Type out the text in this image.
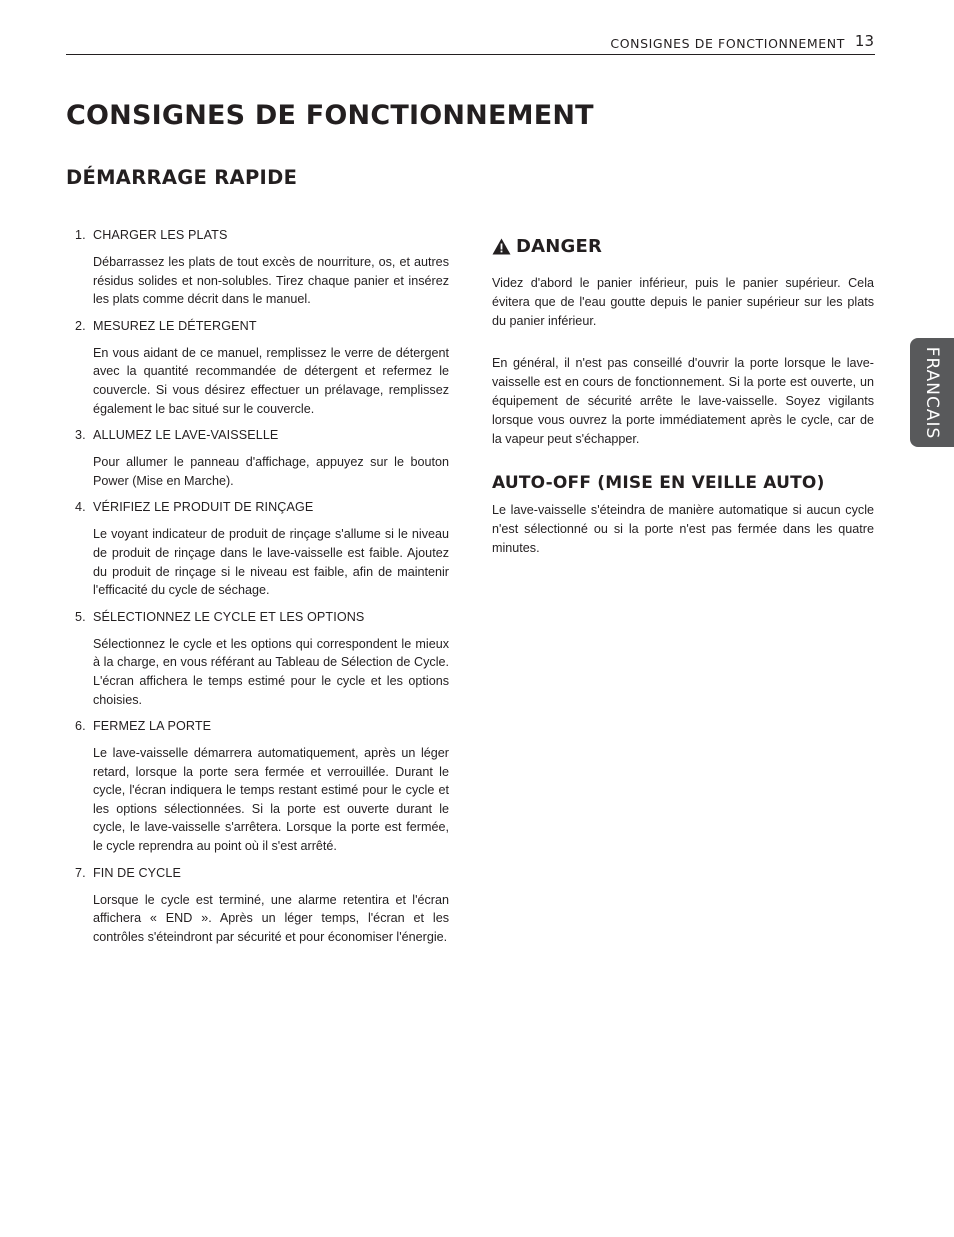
CONSIGNES DE FONCTIONNEMENT 13
CONSIGNES DE FONCTIONNEMENT
DÉMARRAGE RAPIDE
1. CHARGER LES PLATS

Débarrassez les plats de tout excès de nourriture, os, et autres résidus solides et non-solubles. Tirez chaque panier et insérez les plats comme décrit dans le manuel.

2. MESUREZ LE DÉTERGENT

En vous aidant de ce manuel, remplissez le verre de détergent avec la quantité recommandée de détergent et refermez le couvercle. Si vous désirez effectuer un prélavage, remplissez également le bac situé sur le couvercle.

3. ALLUMEZ LE LAVE-VAISSELLE

Pour allumer le panneau d'affichage, appuyez sur le bouton Power (Mise en Marche).

4. VÉRIFIEZ LE PRODUIT DE RINÇAGE

Le voyant indicateur de produit de rinçage s'allume si le niveau de produit de rinçage dans le lave-vaisselle est faible. Ajoutez du produit de rinçage si le niveau est faible, afin de maintenir l'efficacité du cycle de séchage.

5. SÉLECTIONNEZ LE CYCLE ET LES OPTIONS

Sélectionnez le cycle et les options qui correspondent le mieux à la charge, en vous référant au Tableau de Sélection de Cycle. L'écran affichera le temps estimé pour le cycle et les options choisies.

6. FERMEZ LA PORTE

Le lave-vaisselle démarrera automatiquement, après un léger retard, lorsque la porte sera fermée et verrouillée. Durant le cycle, l'écran indiquera le temps restant estimé pour le cycle et les options sélectionnées. Si la porte est ouverte durant le cycle, le lave-vaisselle s'arrêtera. Lorsque la porte est fermée, le cycle reprendra au point où il s'est arrêté.

7. FIN DE CYCLE

Lorsque le cycle est terminé, une alarme retentira et l'écran affichera « END ». Après un léger temps, l'écran et les contrôles s'éteindront par sécurité et pour économiser l'énergie.

DANGER

Videz d'abord le panier inférieur, puis le panier supérieur. Cela évitera que de l'eau goutte depuis le panier supérieur sur les plats du panier inférieur.

En général, il n'est pas conseillé d'ouvrir la porte lorsque le lave-vaisselle est en cours de fonctionnement. Si la porte est ouverte, un équipement de sécurité arrête le lave-vaisselle. Soyez vigilants lorsque vous ouvrez la porte immédiatement après le cycle, car de la vapeur peut s'échapper.

AUTO-OFF (MISE EN VEILLE AUTO)

Le lave-vaisselle s'éteindra de manière automatique si aucun cycle n'est sélectionné ou si la porte n'est pas fermée dans les quatre minutes.

FRANCAIS
